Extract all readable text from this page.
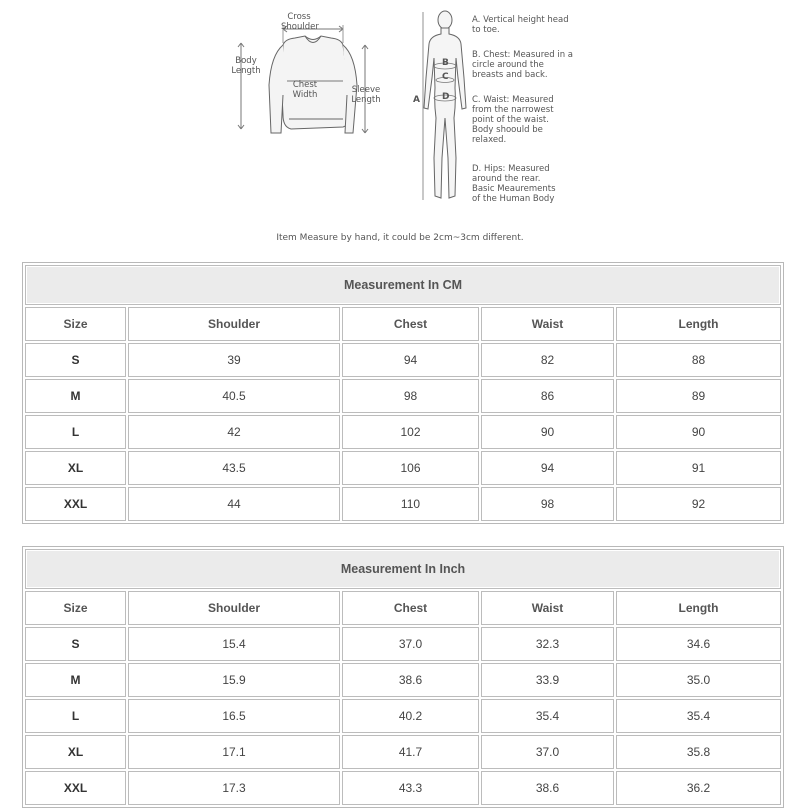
Cross
Shoulder
Body
Length
Chest
Width	Sleeve
Length	A
B
C
D
A. Vertical height head
to toe.
B. Chest: Measured in a
circle around the
breasts and back.
C. Waist: Measured
from the narrowest
point of the waist.
Body shoould be
relaxed.
D. Hips: Measured
around the rear.
Basic Meaurements
of the Human Body
Item Measure by hand, it could be 2cm~3cm different.
Measurement In CM				
Size	Shoulder	Chest	Waist	Length
S	39	94	82	88
M	40.5	98	86	89
L	42	102	90	90
XL	43.5	106	94	91
XXL	44	110	98	92
Measurement In Inch				
Size	Shoulder	Chest	Waist	Length
S	15.4	37.0	32.3	34.6
M	15.9	38.6	33.9	35.0
L	16.5	40.2	35.4	35.4
XL	17.1	41.7	37.0	35.8
XXL	17.3	43.3	38.6	36.2
